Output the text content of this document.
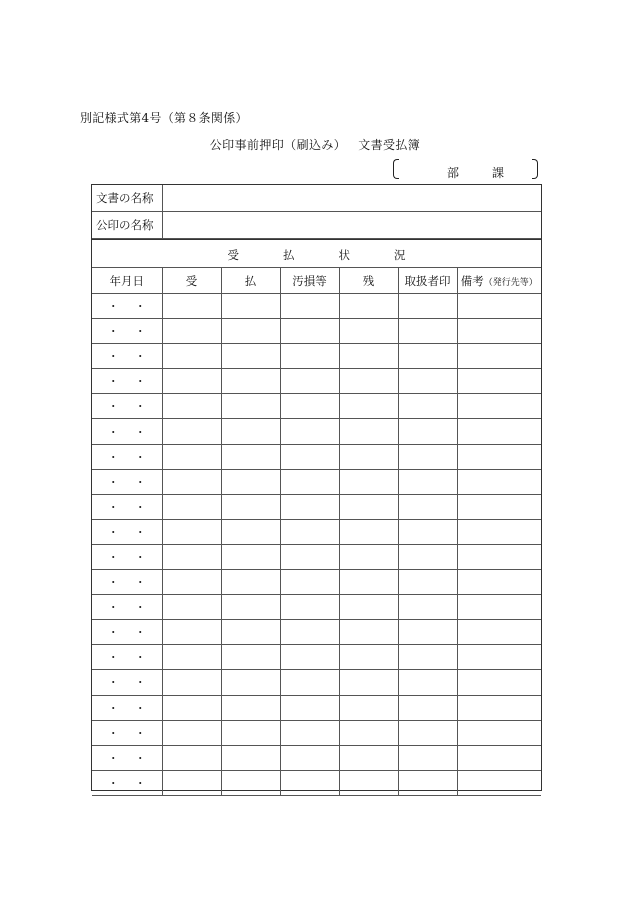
別記様式第4号（第８条関係）
公印事前押印（刷込み） 文書受払簿
部	課
文書の名称	
公印の名称	
受 払 状 況						
年月日	受	払	汚損等	残	取扱者印	備考（発行先等）
・ ・						
・ ・						
・ ・						
・ ・						
・ ・						
・ ・						
・ ・						
・ ・						
・ ・						
・ ・						
・ ・						
・ ・						
・ ・						
・ ・						
・ ・						
・ ・						
・ ・						
・ ・						
・ ・						
・ ・						
